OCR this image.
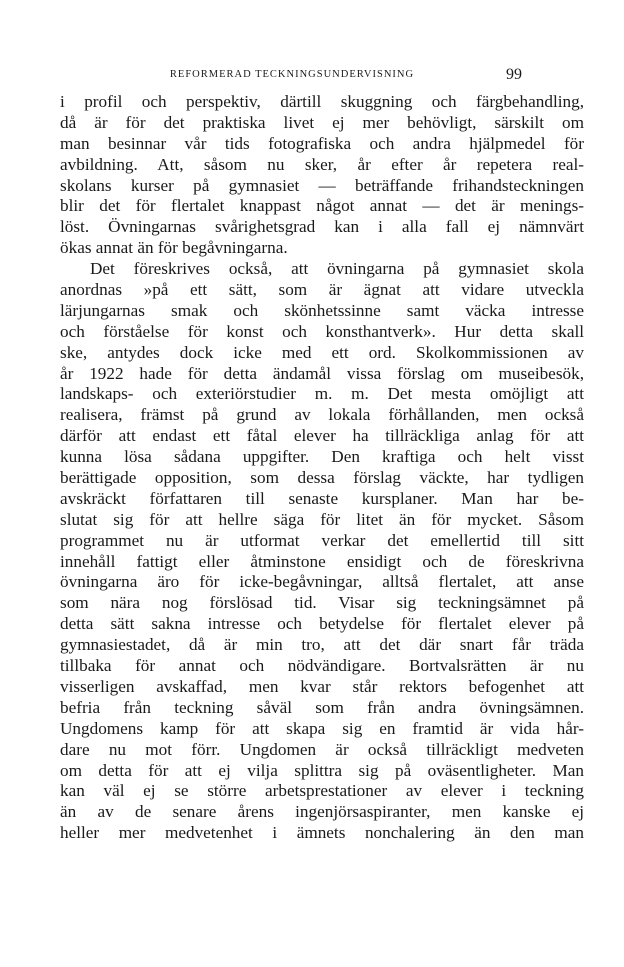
REFORMERAD TECKNINGSUNDERVISNING	99
i profil och perspektiv, därtill skuggning och färgbehandling,
då är för det praktiska livet ej mer behövligt, särskilt om
man besinnar vår tids fotografiska och andra hjälpmedel för
avbildning. Att, såsom nu sker, år efter år repetera real-
skolans kurser på gymnasiet — beträffande frihandsteckningen
blir det för flertalet knappast något annat — det är menings-
löst. Övningarnas svårighetsgrad kan i alla fall ej nämnvärt
ökas annat än för begåvningarna.
Det föreskrives också, att övningarna på gymnasiet skola
anordnas »på ett sätt, som är ägnat att vidare utveckla
lärjungarnas smak och skönhetssinne samt väcka intresse
och förståelse för konst och konsthantverk». Hur detta skall
ske, antydes dock icke med ett ord. Skolkommissionen av
år 1922 hade för detta ändamål vissa förslag om museibesök,
landskaps- och exteriörstudier m. m. Det mesta omöjligt att
realisera, främst på grund av lokala förhållanden, men också
därför att endast ett fåtal elever ha tillräckliga anlag för att
kunna lösa sådana uppgifter. Den kraftiga och helt visst
berättigade opposition, som dessa förslag väckte, har tydligen
avskräckt författaren till senaste kursplaner. Man har be-
slutat sig för att hellre säga för litet än för mycket. Såsom
programmet nu är utformat verkar det emellertid till sitt
innehåll fattigt eller åtminstone ensidigt och de föreskrivna
övningarna äro för icke-begåvningar, alltså flertalet, att anse
som nära nog förslösad tid. Visar sig teckningsämnet på
detta sätt sakna intresse och betydelse för flertalet elever på
gymnasiestadet, då är min tro, att det där snart får träda
tillbaka för annat och nödvändigare. Bortvalsrätten är nu
visserligen avskaffad, men kvar står rektors befogenhet att
befria från teckning såväl som från andra övningsämnen.
Ungdomens kamp för att skapa sig en framtid är vida hår-
dare nu mot förr. Ungdomen är också tillräckligt medveten
om detta för att ej vilja splittra sig på oväsentligheter. Man
kan väl ej se större arbetsprestationer av elever i teckning
än av de senare årens ingenjörsaspiranter, men kanske ej
heller mer medvetenhet i ämnets nonchalering än den man
